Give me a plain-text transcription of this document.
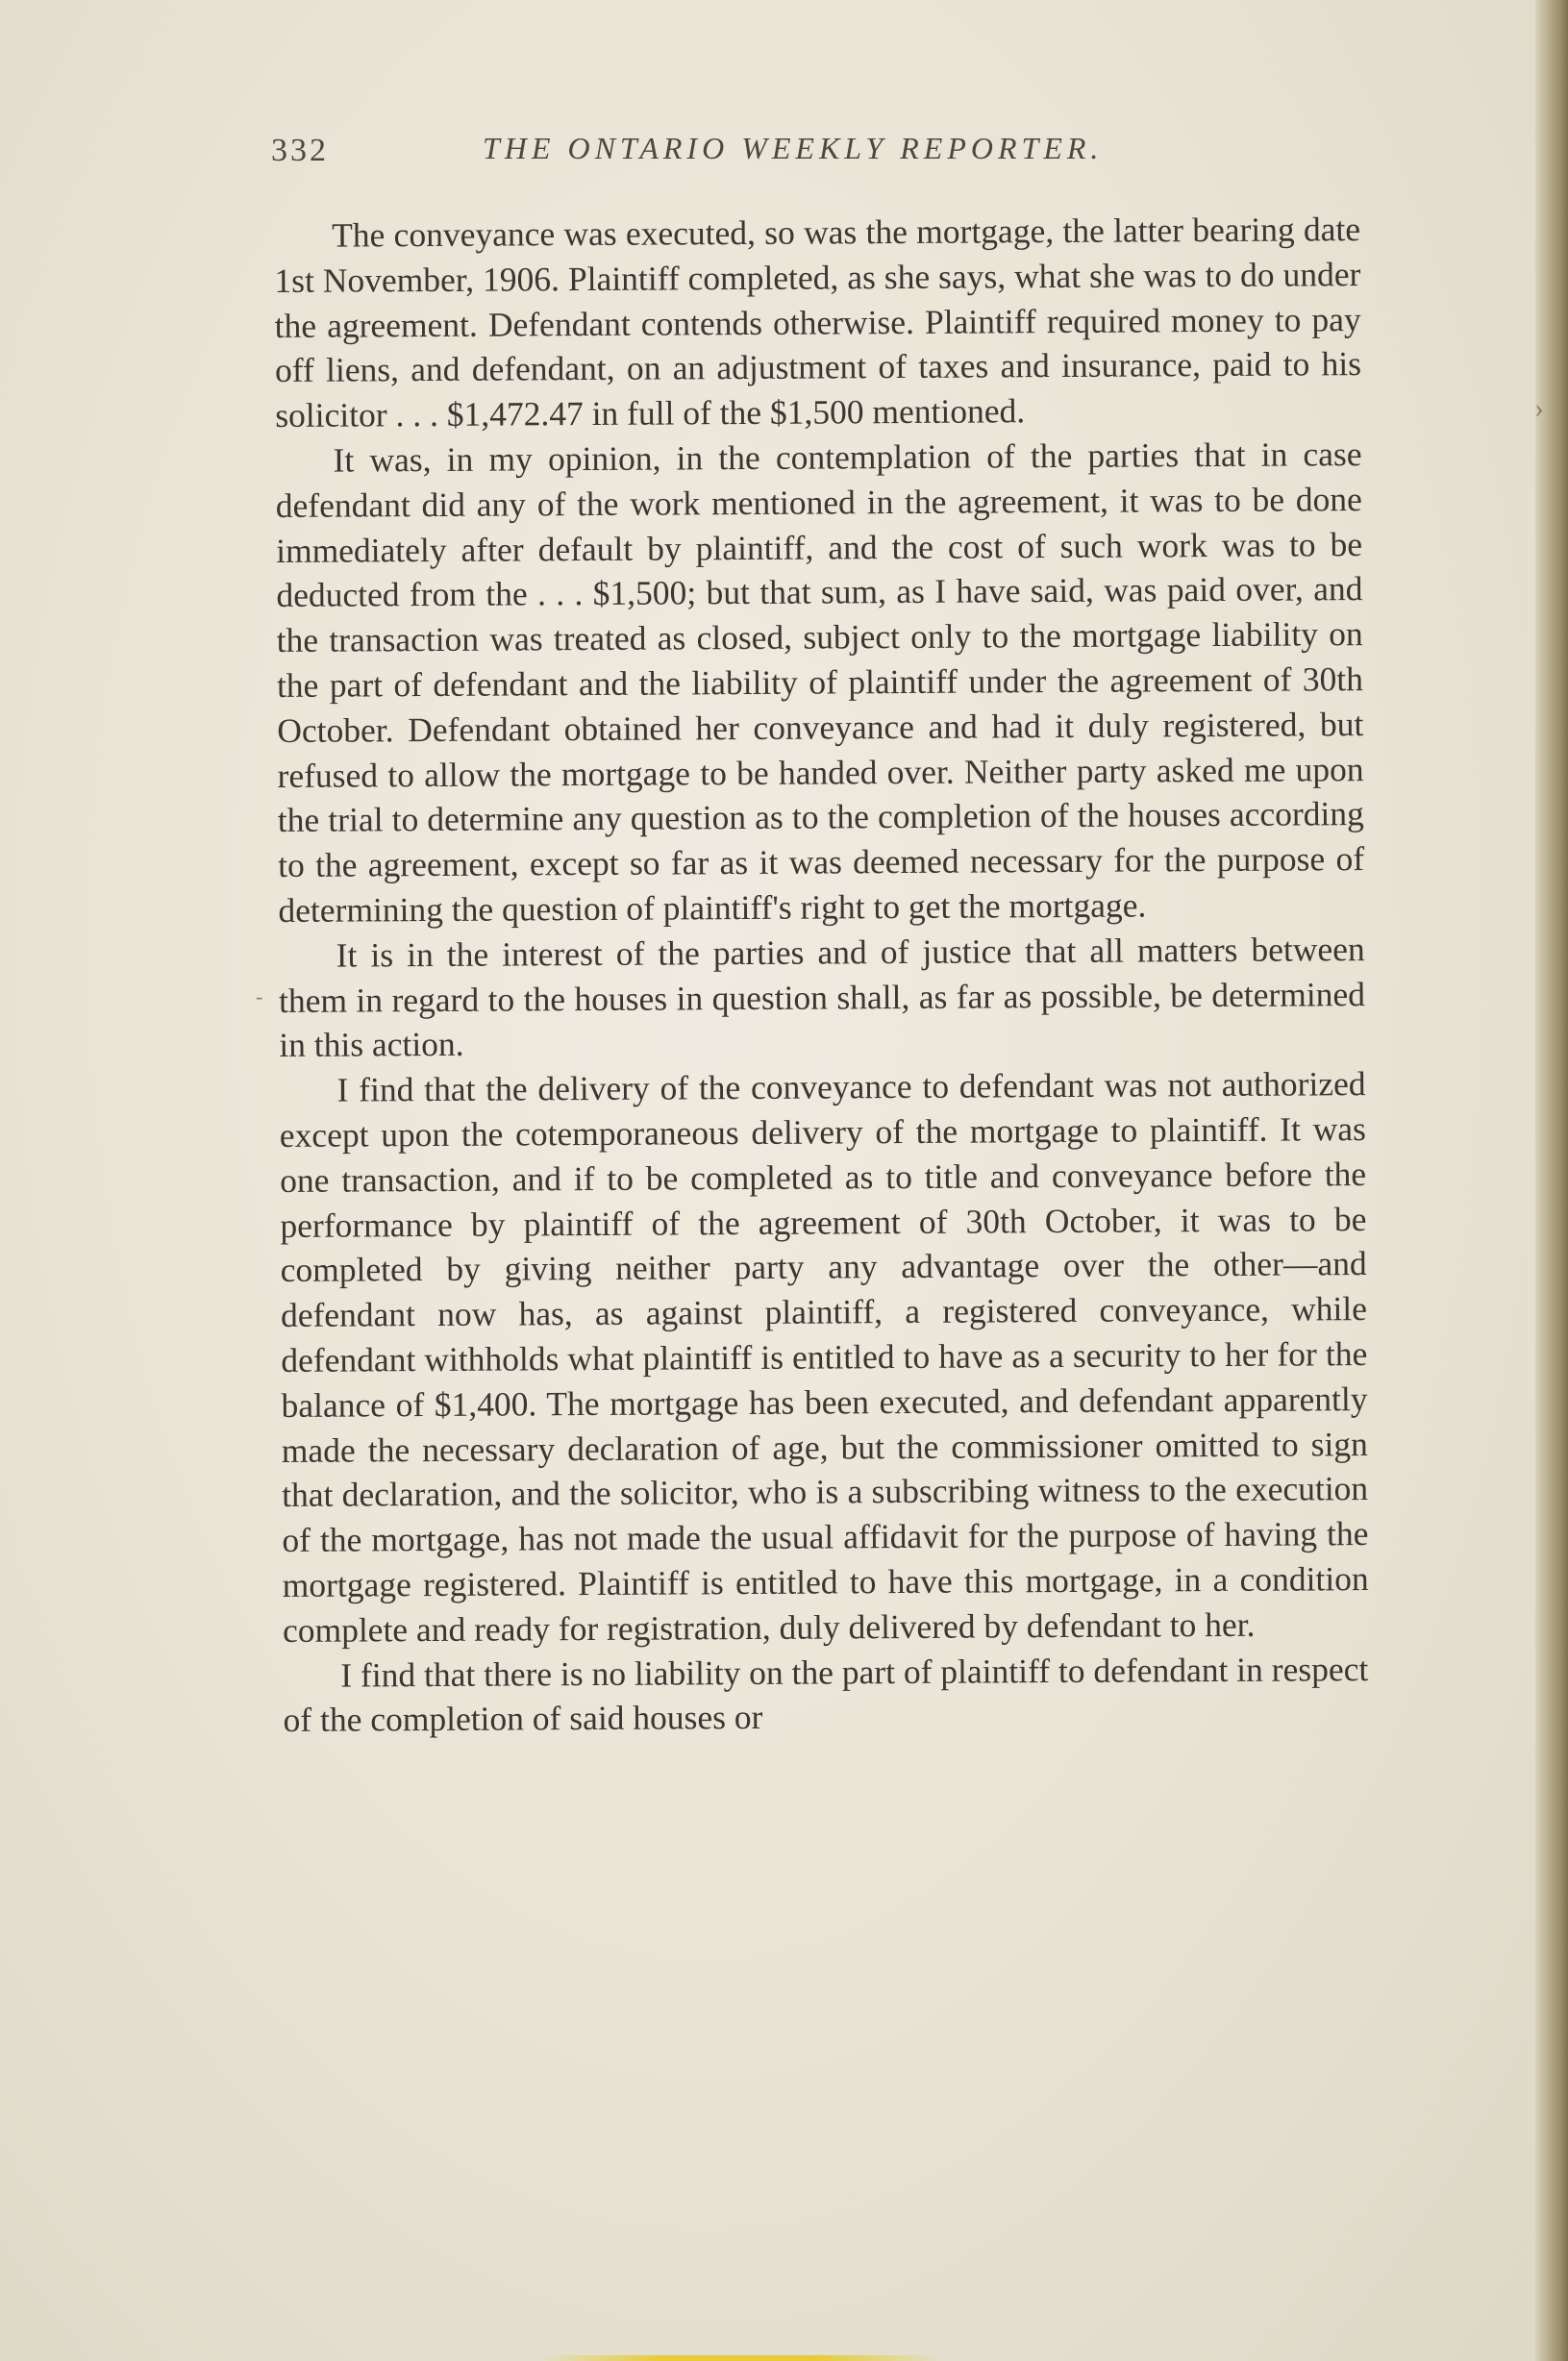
›
-
332	THE ONTARIO WEEKLY REPORTER.

The conveyance was executed, so was the mortgage, the latter bearing date 1st November, 1906. Plaintiff completed, as she says, what she was to do under the agreement. Defendant contends otherwise. Plaintiff required money to pay off liens, and defendant, on an adjustment of taxes and insurance, paid to his solicitor . . . $1,472.47 in full of the $1,500 mentioned.

It was, in my opinion, in the contemplation of the parties that in case defendant did any of the work mentioned in the agreement, it was to be done immediately after default by plaintiff, and the cost of such work was to be deducted from the . . . $1,500; but that sum, as I have said, was paid over, and the transaction was treated as closed, subject only to the mortgage liability on the part of defendant and the liability of plaintiff under the agreement of 30th October. Defendant obtained her conveyance and had it duly registered, but refused to allow the mortgage to be handed over. Neither party asked me upon the trial to determine any question as to the completion of the houses according to the agreement, except so far as it was deemed necessary for the purpose of determining the question of plaintiff's right to get the mortgage.

It is in the interest of the parties and of justice that all matters between them in regard to the houses in question shall, as far as possible, be determined in this action.

I find that the delivery of the conveyance to defendant was not authorized except upon the cotemporaneous delivery of the mortgage to plaintiff. It was one transaction, and if to be completed as to title and conveyance before the performance by plaintiff of the agreement of 30th October, it was to be completed by giving neither party any advantage over the other—and defendant now has, as against plaintiff, a registered conveyance, while defendant withholds what plaintiff is entitled to have as a security to her for the balance of $1,400. The mortgage has been executed, and defendant apparently made the necessary declaration of age, but the commissioner omitted to sign that declaration, and the solicitor, who is a subscribing witness to the execution of the mortgage, has not made the usual affidavit for the purpose of having the mortgage registered. Plaintiff is entitled to have this mortgage, in a condition complete and ready for registration, duly delivered by defendant to her.

I find that there is no liability on the part of plaintiff to defendant in respect of the completion of said houses or
